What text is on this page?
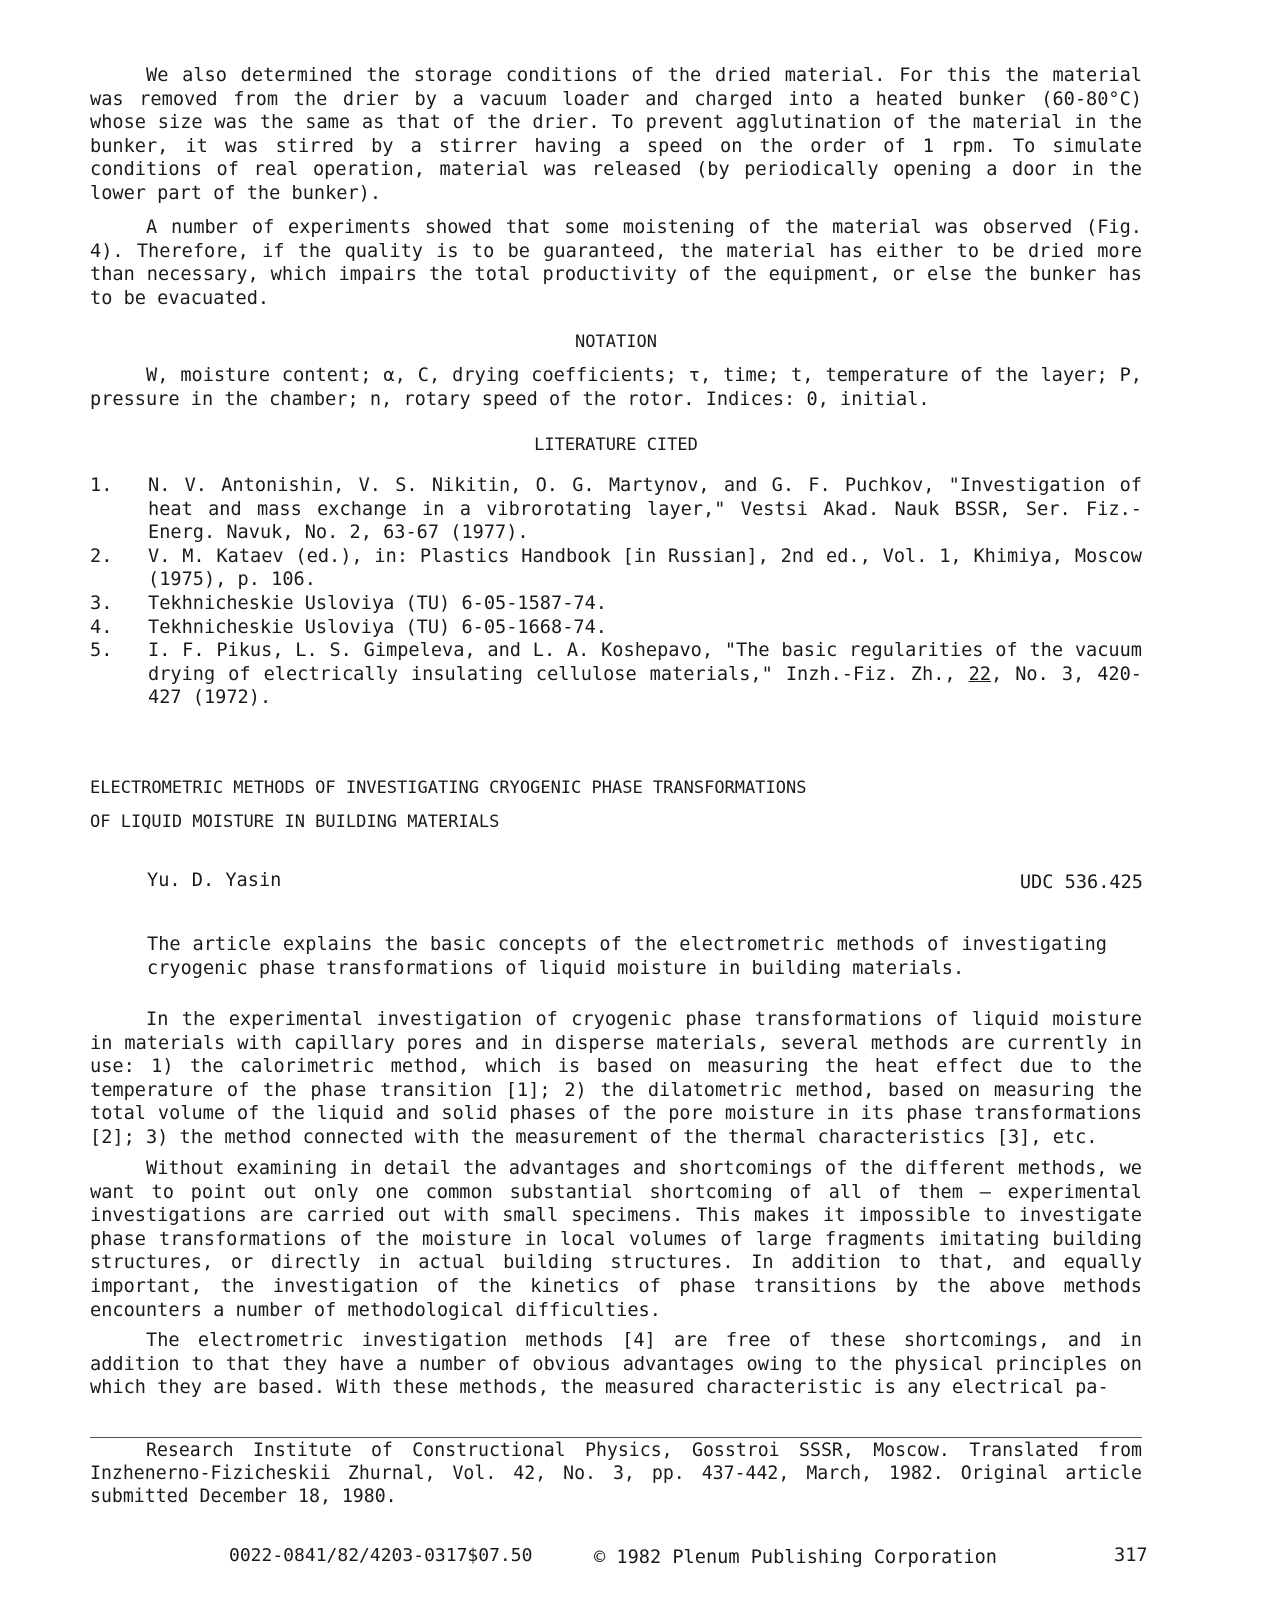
We also determined the storage conditions of the dried material. For this the material was removed from the drier by a vacuum loader and charged into a heated bunker (60-80°C) whose size was the same as that of the drier. To prevent agglutination of the material in the bunker, it was stirred by a stirrer having a speed on the order of 1 rpm. To simulate conditions of real operation, material was released (by periodically opening a door in the lower part of the bunker).

A number of experiments showed that some moistening of the material was observed (Fig. 4). Therefore, if the quality is to be guaranteed, the material has either to be dried more than necessary, which impairs the total productivity of the equipment, or else the bunker has to be evacuated.

NOTATION

W, moisture content; α, C, drying coefficients; τ, time; t, temperature of the layer; P, pressure in the chamber; n, rotary speed of the rotor. Indices: 0, initial.

LITERATURE CITED

1.	N. V. Antonishin, V. S. Nikitin, O. G. Martynov, and G. F. Puchkov, "Investigation of heat and mass exchange in a vibrorotating layer," Vestsi Akad. Nauk BSSR, Ser. Fiz.-Energ. Navuk, No. 2, 63-67 (1977).
2.	V. M. Kataev (ed.), in: Plastics Handbook [in Russian], 2nd ed., Vol. 1, Khimiya, Moscow (1975), p. 106.
3.	Tekhnicheskie Usloviya (TU) 6-05-1587-74.
4.	Tekhnicheskie Usloviya (TU) 6-05-1668-74.
5.	I. F. Pikus, L. S. Gimpeleva, and L. A. Koshepavo, "The basic regularities of the vacuum drying of electrically insulating cellulose materials," Inzh.-Fiz. Zh., 22, No. 3, 420-427 (1972).

ELECTROMETRIC METHODS OF INVESTIGATING CRYOGENIC PHASE TRANSFORMATIONS

OF LIQUID MOISTURE IN BUILDING MATERIALS

Yu. D. Yasin	UDC 536.425

The article explains the basic concepts of the electrometric methods of investigating cryogenic phase transformations of liquid moisture in building materials.

In the experimental investigation of cryogenic phase transformations of liquid moisture in materials with capillary pores and in disperse materials, several methods are currently in use: 1) the calorimetric method, which is based on measuring the heat effect due to the temperature of the phase transition [1]; 2) the dilatometric method, based on measuring the total volume of the liquid and solid phases of the pore moisture in its phase transformations [2]; 3) the method connected with the measurement of the thermal characteristics [3], etc.

Without examining in detail the advantages and shortcomings of the different methods, we want to point out only one common substantial shortcoming of all of them — experimental investigations are carried out with small specimens. This makes it impossible to investigate phase transformations of the moisture in local volumes of large fragments imitating building structures, or directly in actual building structures. In addition to that, and equally important, the investigation of the kinetics of phase transitions by the above methods encounters a number of methodological difficulties.

The electrometric investigation methods [4] are free of these shortcomings, and in addition to that they have a number of obvious advantages owing to the physical principles on which they are based. With these methods, the measured characteristic is any electrical pa-

Research Institute of Constructional Physics, Gosstroi SSSR, Moscow. Translated from Inzhenerno-Fizicheskii Zhurnal, Vol. 42, No. 3, pp. 437-442, March, 1982. Original article submitted December 18, 1980.

0022-0841/82/4203-0317$07.50	© 1982 Plenum Publishing Corporation	317
